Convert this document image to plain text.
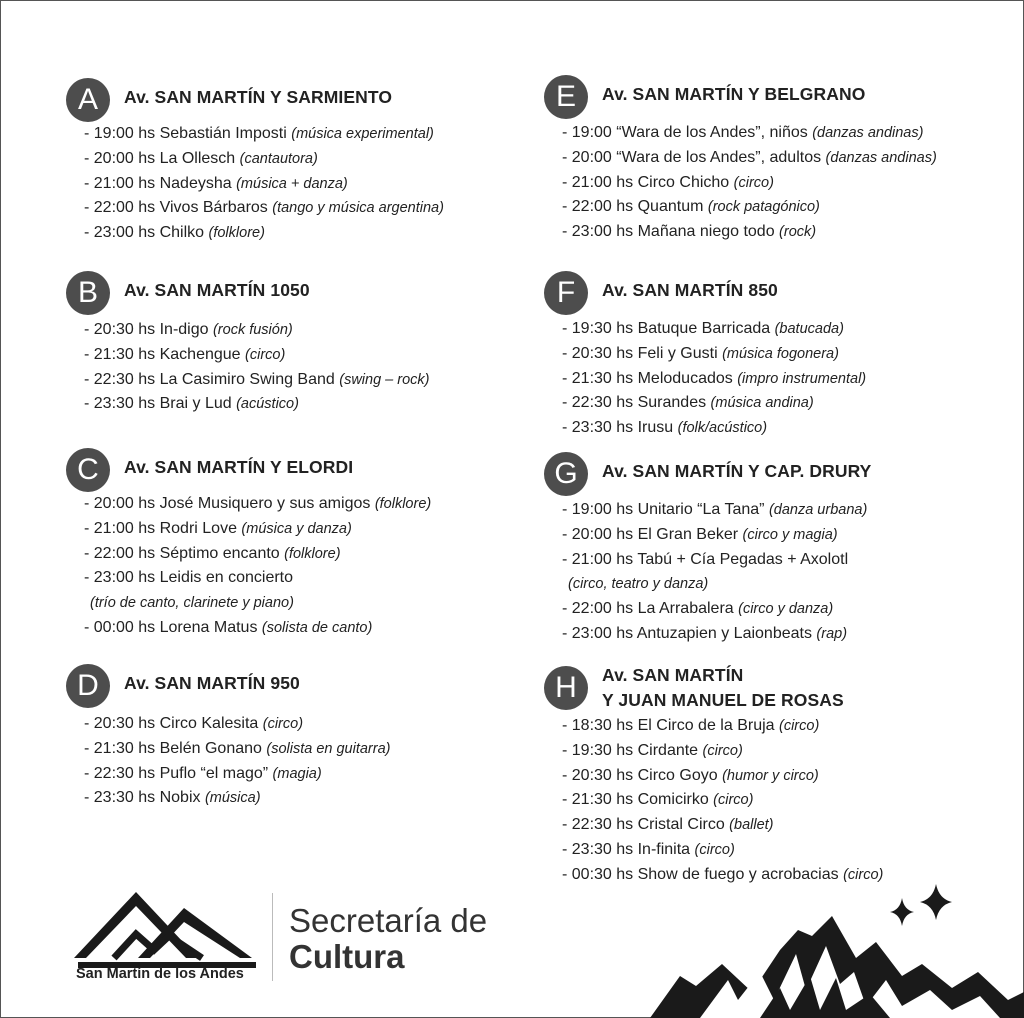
A	Av. SAN MARTÍN Y SARMIENTO
- 19:00 hs Sebastián Imposti (música experimental)
- 20:00 hs La Ollesch (cantautora)
- 21:00 hs Nadeysha (música + danza)
- 22:00 hs Vivos Bárbaros (tango y música argentina)
- 23:00 hs Chilko (folklore)
B	Av. SAN MARTÍN 1050
- 20:30 hs In-digo (rock fusión)
- 21:30 hs Kachengue (circo)
- 22:30 hs La Casimiro Swing Band (swing – rock)
- 23:30 hs Brai y Lud (acústico)
C	Av. SAN MARTÍN Y ELORDI
- 20:00 hs José Musiquero y sus amigos (folklore)
- 21:00 hs Rodri Love (música y danza)
- 22:00 hs Séptimo encanto (folklore)
- 23:00 hs Leidis en concierto
(trío de canto, clarinete y piano)
- 00:00 hs Lorena Matus (solista de canto)
D	Av. SAN MARTÍN 950
- 20:30 hs Circo Kalesita (circo)
- 21:30 hs Belén Gonano (solista en guitarra)
- 22:30 hs Puflo “el mago” (magia)
- 23:30 hs Nobix (música)
E	Av. SAN MARTÍN Y BELGRANO
- 19:00 “Wara de los Andes”, niños (danzas andinas)
- 20:00 “Wara de los Andes”, adultos (danzas andinas)
- 21:00 hs Circo Chicho (circo)
- 22:00 hs Quantum (rock patagónico)
- 23:00 hs Mañana niego todo (rock)
F	Av. SAN MARTÍN 850
- 19:30 hs Batuque Barricada (batucada)
- 20:30 hs Feli y Gusti (música fogonera)
- 21:30 hs Meloducados (impro instrumental)
- 22:30 hs Surandes (música andina)
- 23:30 hs Irusu (folk/acústico)
G	Av. SAN MARTÍN Y CAP. DRURY
- 19:00 hs Unitario “La Tana” (danza urbana)
- 20:00 hs El Gran Beker (circo y magia)
- 21:00 hs Tabú + Cía Pegadas + Axolotl
(circo, teatro y danza)
- 22:00 hs La Arrabalera (circo y danza)
- 23:00 hs Antuzapien y Laionbeats (rap)
H	Av. SAN MARTÍN
Y JUAN MANUEL DE ROSAS
- 18:30 hs El Circo de la Bruja (circo)
- 19:30 hs Cirdante (circo)
- 20:30 hs Circo Goyo (humor y circo)
- 21:30 hs Comicirko (circo)
- 22:30 hs Cristal Circo (ballet)
- 23:30 hs In-finita (circo)
- 00:30 hs Show de fuego y acrobacias (circo)
San Martín de los Andes
Secretaría de
Cultura
